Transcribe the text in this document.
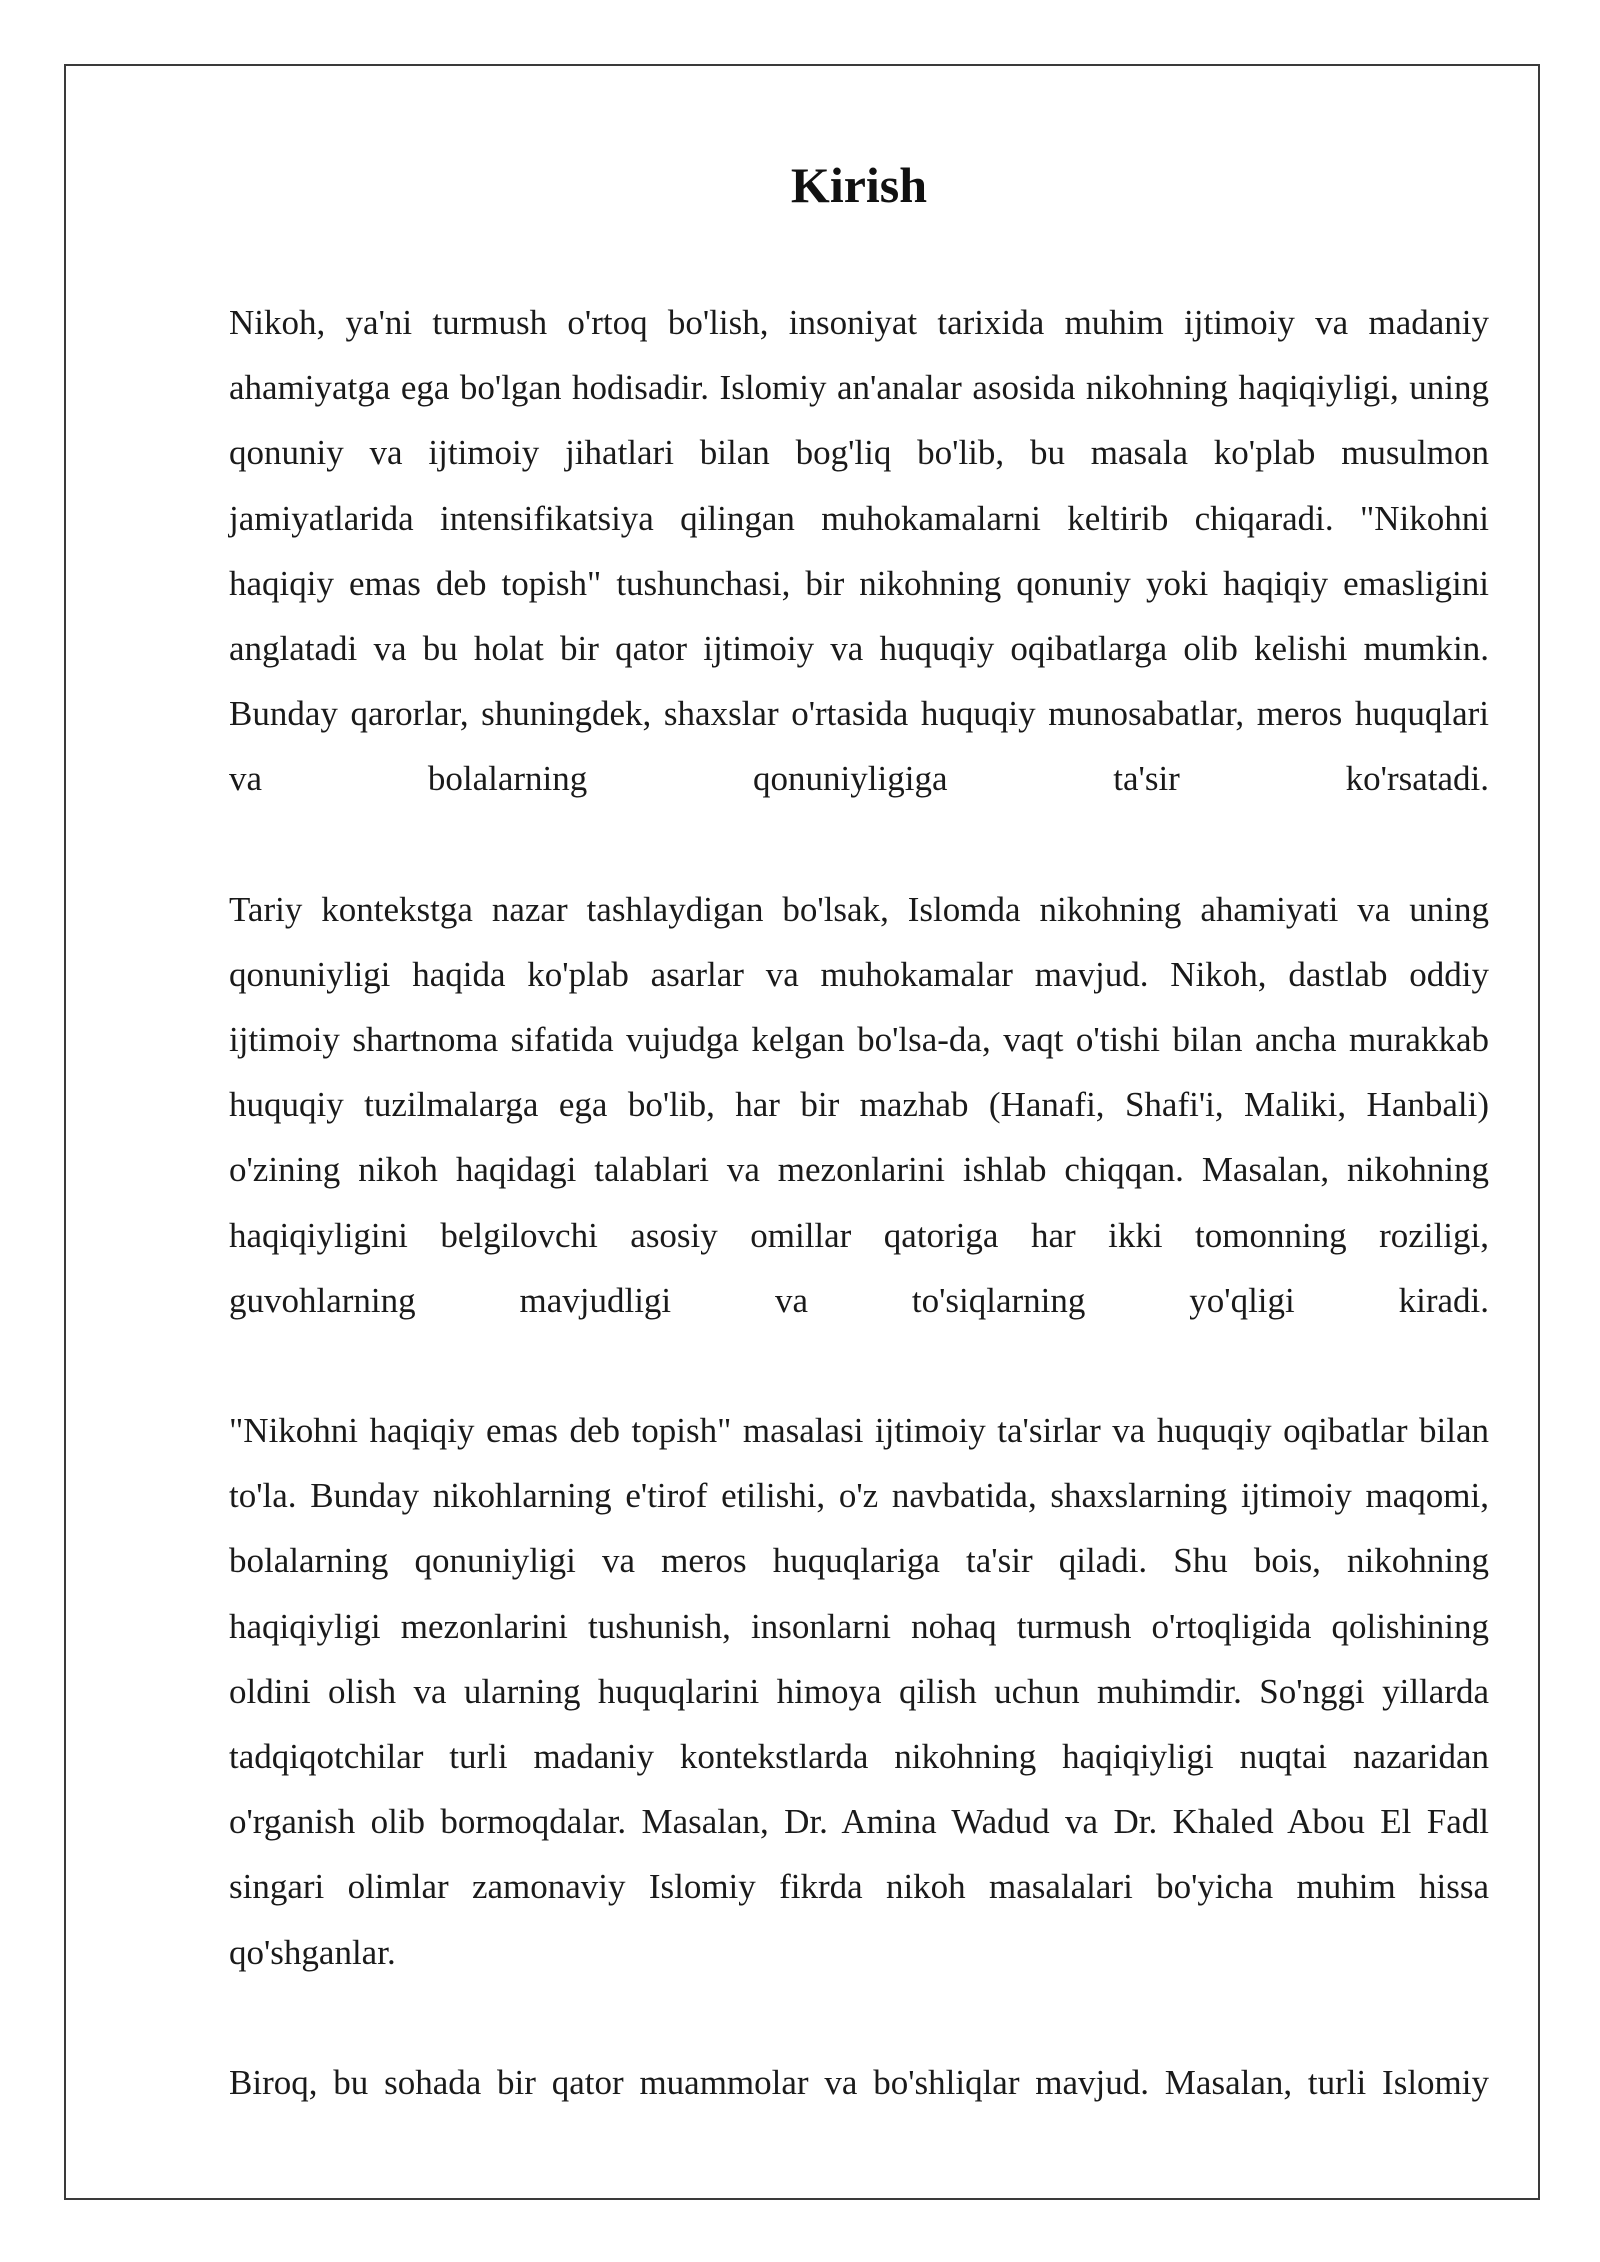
Kirish

Nikoh, ya'ni turmush o'rtoq bo'lish, insoniyat tarixida muhim ijtimoiy va madaniy ahamiyatga ega bo'lgan hodisadir. Islomiy an'analar asosida nikohning haqiqiyligi, uning qonuniy va ijtimoiy jihatlari bilan bog'liq bo'lib, bu masala ko'plab musulmon jamiyatlarida intensifikatsiya qilingan muhokamalarni keltirib chiqaradi. "Nikohni haqiqiy emas deb topish" tushunchasi, bir nikohning qonuniy yoki haqiqiy emasligini anglatadi va bu holat bir qator ijtimoiy va huquqiy oqibatlarga olib kelishi mumkin. Bunday qarorlar, shuningdek, shaxslar o'rtasida huquqiy munosabatlar, meros huquqlari va bolalarning qonuniyligiga ta'sir ko'rsatadi.

Tariy kontekstga nazar tashlaydigan bo'lsak, Islomda nikohning ahamiyati va uning qonuniyligi haqida ko'plab asarlar va muhokamalar mavjud. Nikoh, dastlab oddiy ijtimoiy shartnoma sifatida vujudga kelgan bo'lsa-da, vaqt o'tishi bilan ancha murakkab huquqiy tuzilmalarga ega bo'lib, har bir mazhab (Hanafi, Shafi'i, Maliki, Hanbali) o'zining nikoh haqidagi talablari va mezonlarini ishlab chiqqan. Masalan, nikohning haqiqiyligini belgilovchi asosiy omillar qatoriga har ikki tomonning roziligi, guvohlarning mavjudligi va to'siqlarning yo'qligi kiradi.

"Nikohni haqiqiy emas deb topish" masalasi ijtimoiy ta'sirlar va huquqiy oqibatlar bilan to'la. Bunday nikohlarning e'tirof etilishi, o'z navbatida, shaxslarning ijtimoiy maqomi, bolalarning qonuniyligi va meros huquqlariga ta'sir qiladi. Shu bois, nikohning haqiqiyligi mezonlarini tushunish, insonlarni nohaq turmush o'rtoqligida qolishining oldini olish va ularning huquqlarini himoya qilish uchun muhimdir. So'nggi yillarda tadqiqotchilar turli madaniy kontekstlarda nikohning haqiqiyligi nuqtai nazaridan o'rganish olib bormoqdalar. Masalan, Dr. Amina Wadud va Dr. Khaled Abou El Fadl singari olimlar zamonaviy Islomiy fikrda nikoh masalalari bo'yicha muhim hissa qo'shganlar.

Biroq, bu sohada bir qator muammolar va bo'shliqlar mavjud. Masalan, turli Islomiy
